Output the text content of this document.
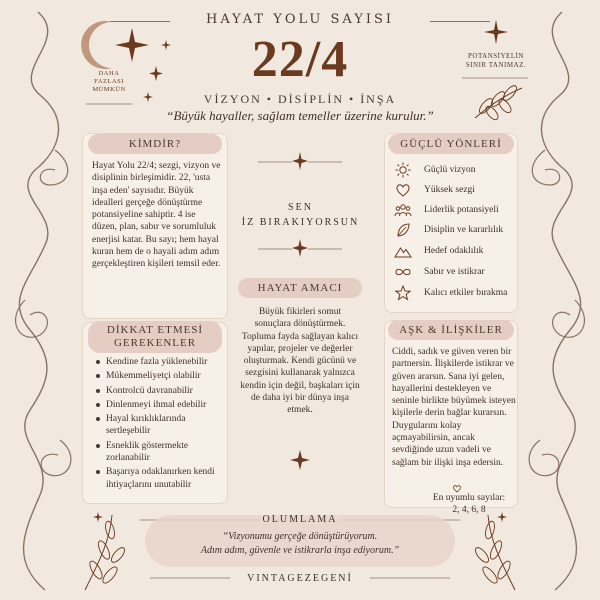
HAYAT YOLU SAYISI
22/4
VİZYON • DİSİPLİN • İNŞA
“Büyük hayaller, sağlam temeller üzerine kurulur.”
DAHA
FAZLASI
MÜMKÜN
POTANSİYELİN
SINIR TANIMAZ.
KİMDİR?
Hayat Yolu 22/4; sezgi, vizyon ve disiplinin birleşimidir. 22, 'usta inşa eden' sayısıdır. Büyük idealleri gerçeğe dönüştürme potansiyeline sahiptir. 4 ise düzen, plan, sabır ve sorumluluk enerjisi katar. Bu sayı; hem hayal kuran hem de o hayali adım adım gerçekleştiren kişileri temsil eder.
DİKKAT ETMESİ
GEREKENLER
Kendine fazla yüklenebilir
Mükemmeliyetçi olabilir
Kontrolcü davranabilir
Dinlenmeyi ihmal edebilir
Hayal kırıklıklarında sertleşebilir
Esneklik göstermekte zorlanabilir
Başarıya odaklanırken kendi ihtiyaçlarını unutabilir
SEN
İZ BIRAKIYORSUN
HAYAT AMACI
Büyük fikirleri somut sonuçlara dönüştürmek. Topluma fayda sağlayan kalıcı yapılar, projeler ve değerler oluşturmak. Kendi gücünü ve sezgisini kullanarak yalnızca kendin için değil, başkaları için de daha iyi bir dünya inşa etmek.
GÜÇLÜ YÖNLERİ
Güçlü vizyon
Yüksek sezgi
Liderlik potansiyeli
Disiplin ve kararlılık
Hedef odaklılık
Sabır ve istikrar
Kalıcı etkiler bırakma
AŞK & İLİŞKİLER
Ciddi, sadık ve güven veren bir partnersin. İlişkilerde istikrar ve güven ararsın. Sana iyi gelen, hayallerini destekleyen ve seninle birlikte büyümek isteyen kişilerle derin bağlar kurarsın. Duygularını kolay açmayabilirsin, ancak sevdiğinde uzun vadeli ve sağlam bir ilişki inşa edersin.
En uyumlu sayılar:
2, 4, 6, 8
OLUMLAMA
“Vizyonumu gerçeğe dönüştürüyorum.
Adım adım, güvenle ve istikrarla inşa ediyorum.”
VINTAGEZEGENİ
